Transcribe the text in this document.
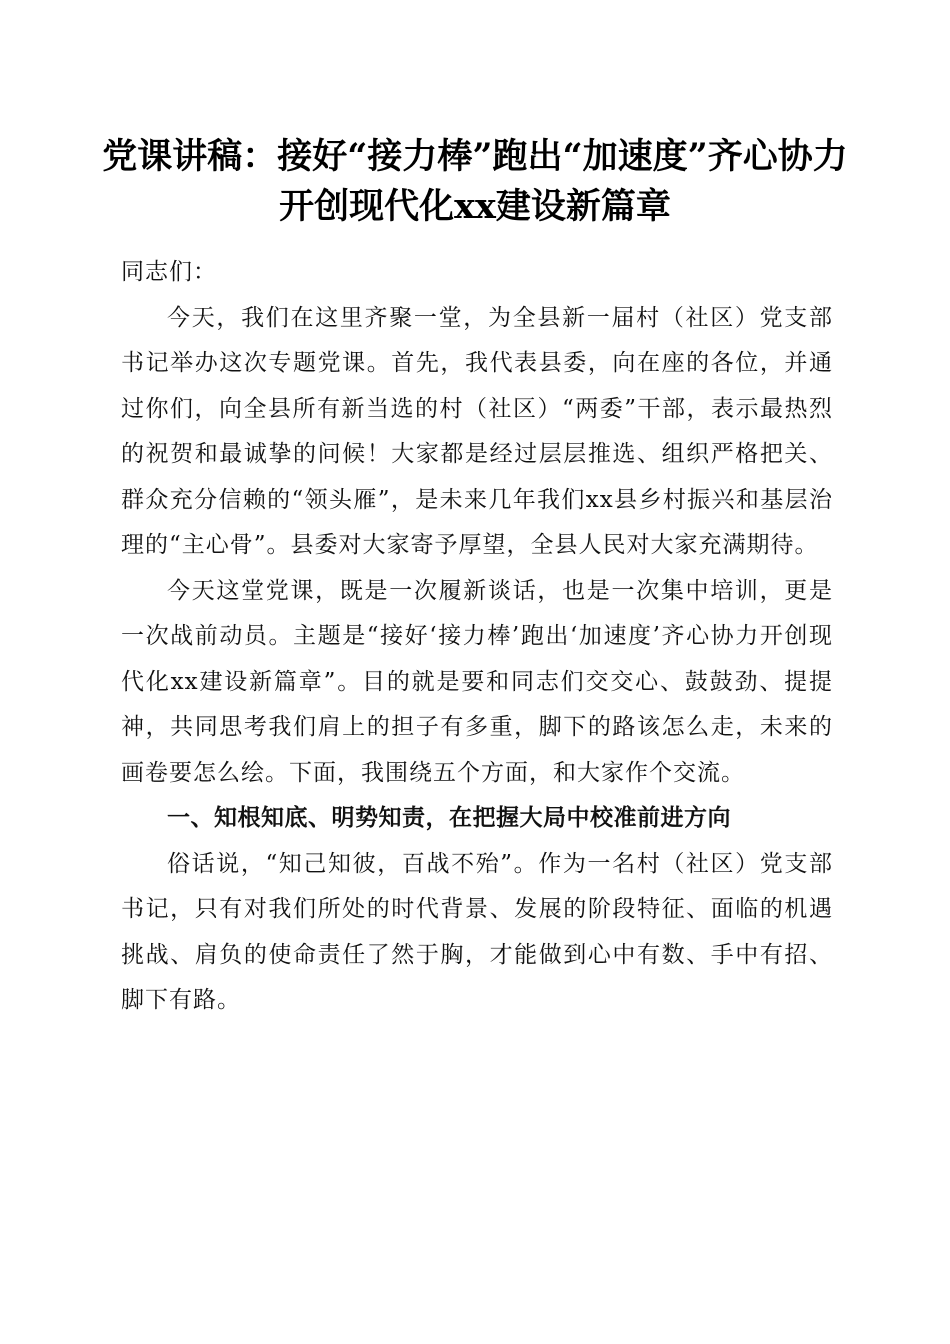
党课讲稿：接好“接力棒”跑出“加速度”齐心协力开创现代化xx建设新篇章

同志们：

今天，我们在这里齐聚一堂，为全县新一届村（社区）党支部书记举办这次专题党课。首先，我代表县委，向在座的各位，并通过你们，向全县所有新当选的村（社区）“两委”干部，表示最热烈的祝贺和最诚挚的问候！大家都是经过层层推选、组织严格把关、群众充分信赖的“领头雁”，是未来几年我们xx县乡村振兴和基层治理的“主心骨”。县委对大家寄予厚望，全县人民对大家充满期待。

今天这堂党课，既是一次履新谈话，也是一次集中培训，更是一次战前动员。主题是“接好‘接力棒’跑出‘加速度’齐心协力开创现代化xx建设新篇章”。目的就是要和同志们交交心、鼓鼓劲、提提神，共同思考我们肩上的担子有多重，脚下的路该怎么走，未来的画卷要怎么绘。下面，我围绕五个方面，和大家作个交流。

一、知根知底、明势知责，在把握大局中校准前进方向

俗话说，“知己知彼，百战不殆”。作为一名村（社区）党支部书记，只有对我们所处的时代背景、发展的阶段特征、面临的机遇挑战、肩负的使命责任了然于胸，才能做到心中有数、手中有招、脚下有路。
